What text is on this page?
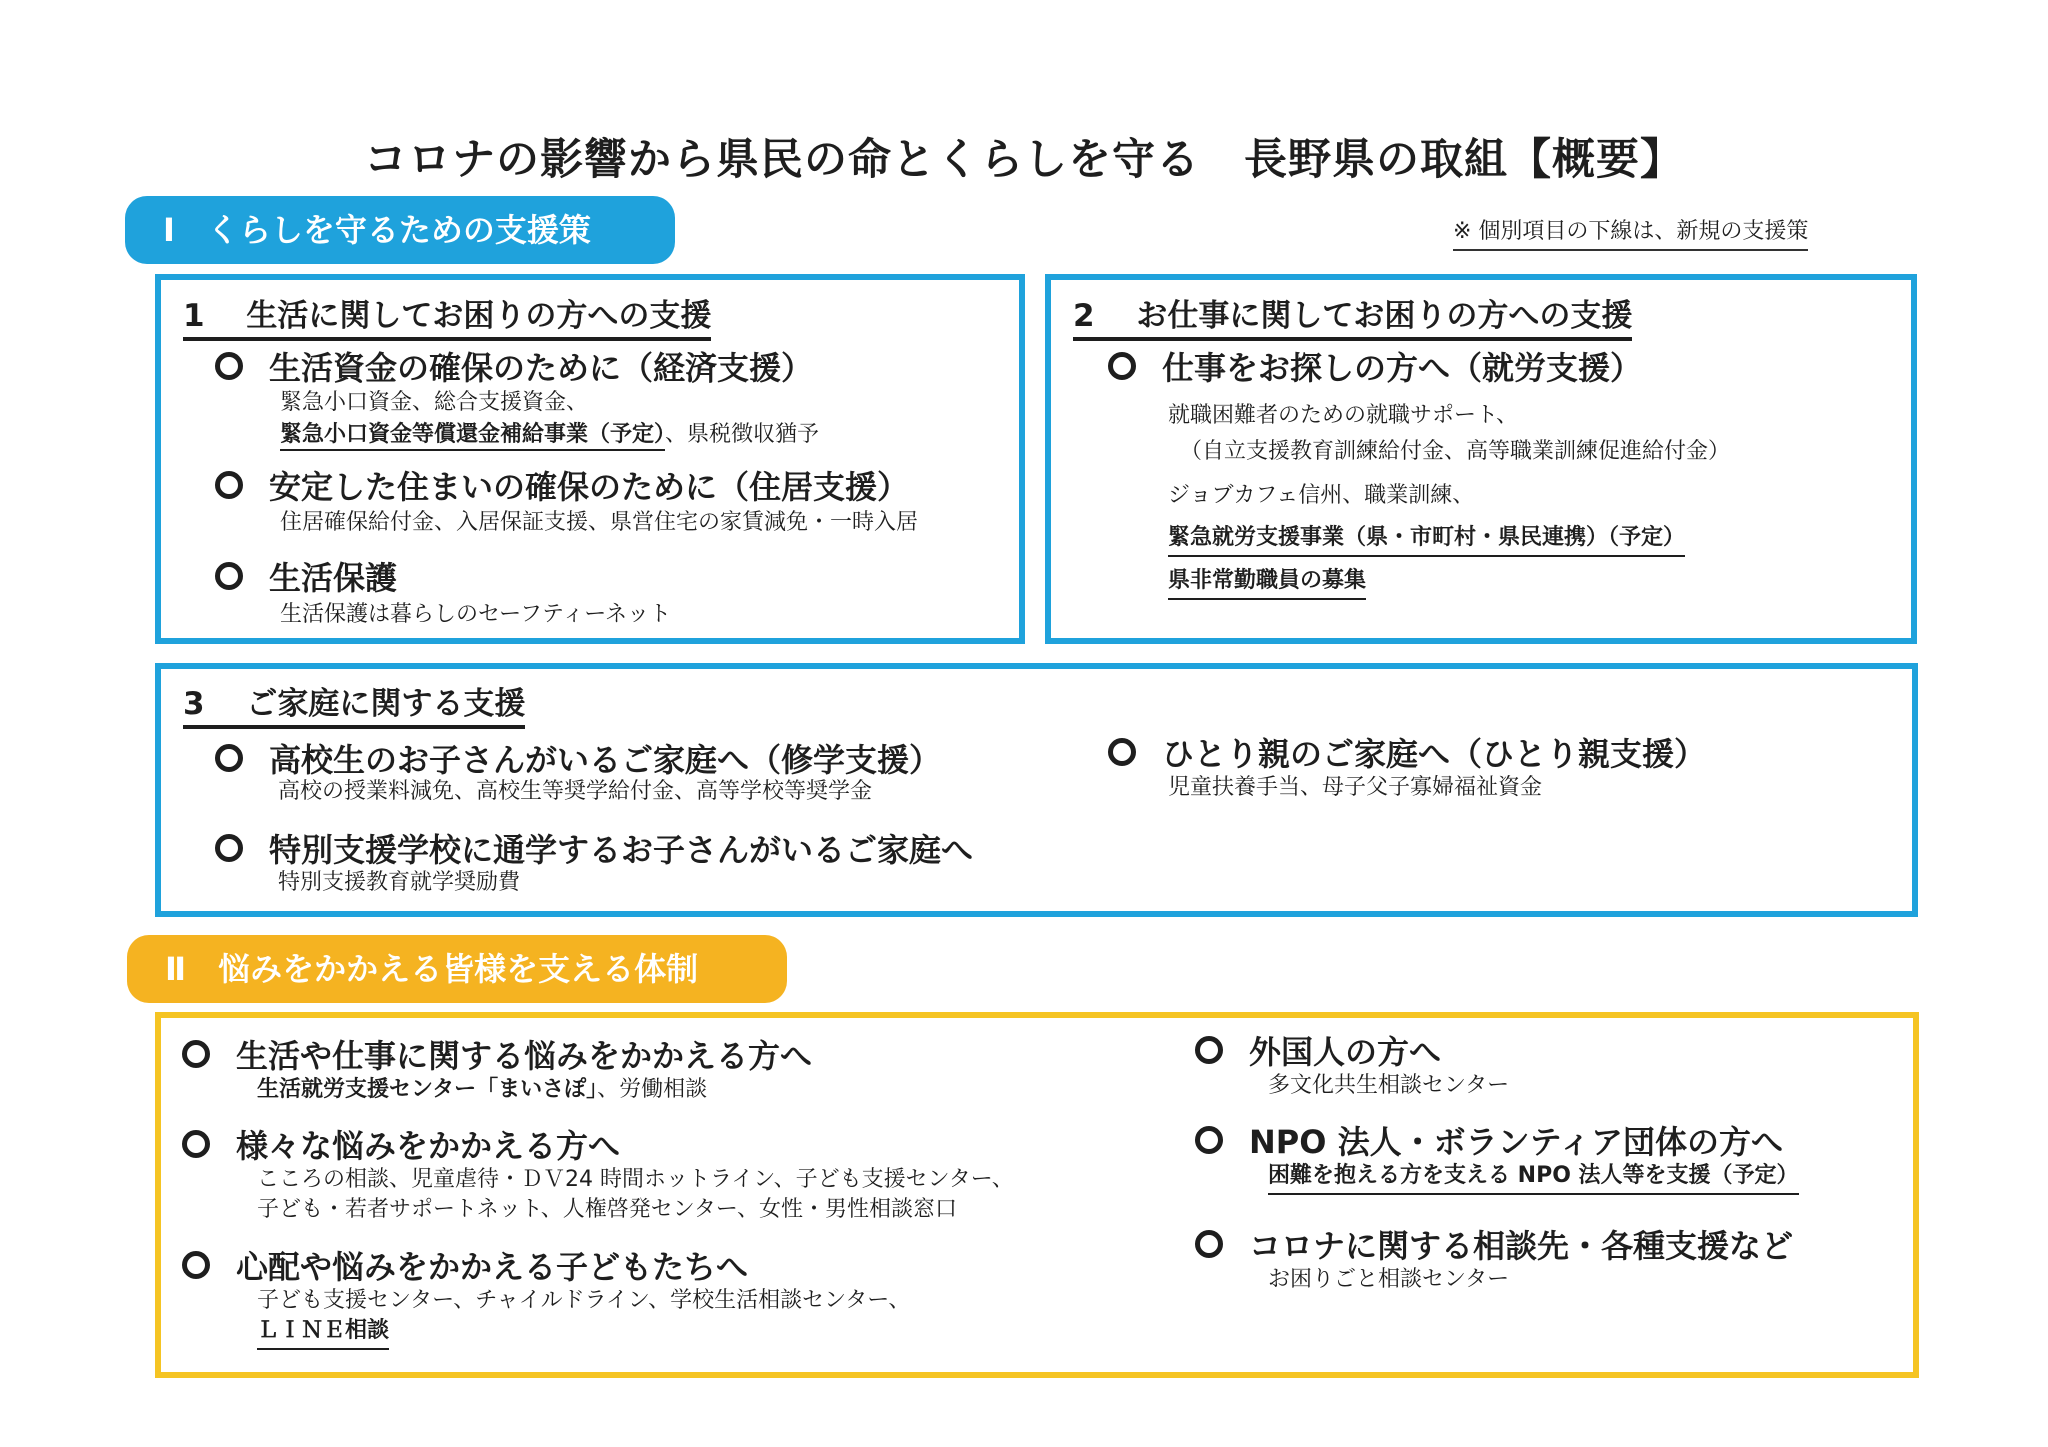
コロナの影響から県民の命とくらしを守る　長野県の取組【概要】
Ⅰ　くらしを守るための支援策	※ 個別項目の下線は、新規の支援策
1　 生活に関してお困りの方への支援
生活資金の確保のために（経済支援）
緊急小口資金、総合支援資金、
緊急小口資金等償還金補給事業（予定）、県税徴収猶予
安定した住まいの確保のために（住居支援）
住居確保給付金、入居保証支援、県営住宅の家賃減免・一時入居
生活保護
生活保護は暮らしのセーフティーネット
2　 お仕事に関してお困りの方への支援
仕事をお探しの方へ（就労支援）
就職困難者のための就職サポート、
（自立支援教育訓練給付金、高等職業訓練促進給付金）
ジョブカフェ信州、職業訓練、
緊急就労支援事業（県・市町村・県民連携）（予定）
県非常勤職員の募集
3　 ご家庭に関する支援
高校生のお子さんがいるご家庭へ（修学支援）
高校の授業料減免、高校生等奨学給付金、高等学校等奨学金
特別支援学校に通学するお子さんがいるご家庭へ
特別支援教育就学奨励費
ひとり親のご家庭へ（ひとり親支援）
児童扶養手当、母子父子寡婦福祉資金
Ⅱ　悩みをかかえる皆様を支える体制
生活や仕事に関する悩みをかかえる方へ
生活就労支援センター「まいさぽ」、労働相談
様々な悩みをかかえる方へ
こころの相談、児童虐待・ＤＶ24 時間ホットライン、子ども支援センター、
子ども・若者サポートネット、人権啓発センター、女性・男性相談窓口
心配や悩みをかかえる子どもたちへ
子ども支援センター、チャイルドライン、学校生活相談センター、
ＬＩＮＥ相談
外国人の方へ
多文化共生相談センター
NPO 法人・ボランティア団体の方へ
困難を抱える方を支える NPO 法人等を支援（予定）
コロナに関する相談先・各種支援など
お困りごと相談センター
